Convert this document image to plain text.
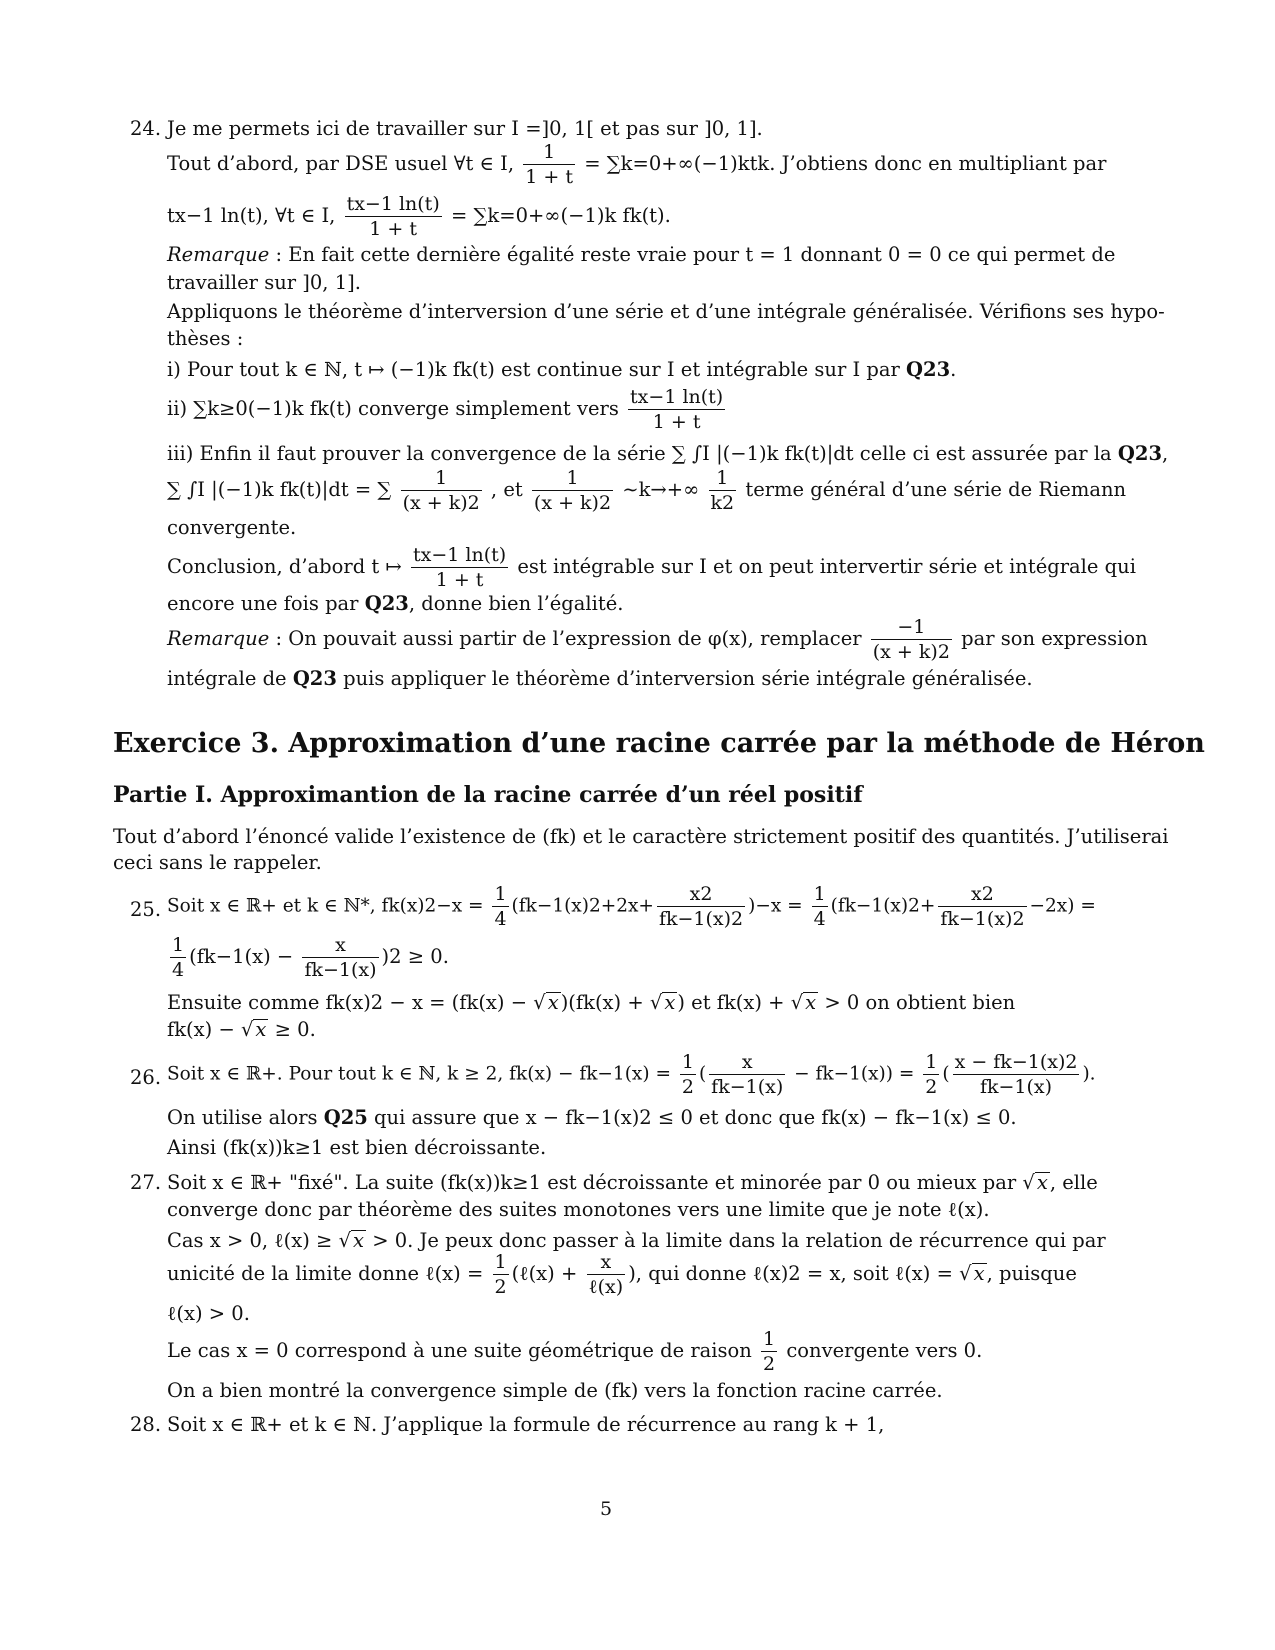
24. Je me permets ici de travailler sur I =]0, 1[ et pas sur ]0, 1].
Tout d’abord, par DSE usuel ∀t ∈ I, $\frac{1}{1 + t} = \sum k=0+\infty(-1)ktk$. J’obtiens donc en multipliant par
tx−1 ln(t), ∀t ∈ I, $\frac{tx-1 \ln(t)}{1 + t} = \sum k=0+\infty(-1)k$ fk(t).
Remarque : En fait cette dernière égalité reste vraie pour t = 1 donnant 0 = 0 ce qui permet de
travailler sur ]0, 1].
Appliquons le théorème d’interversion d’une série et d’une intégrale généralisée. Vérifions ses hypo-
thèses :
i) Pour tout k ∈ ℕ, t ↦ (−1)k fk(t) est continue sur I et intégrable sur I par Q23.
ii) ∑k≥0(−1)k fk(t) converge simplement vers $\frac{tx-1 \ln(t)}{1 + t}$
iii) Enfin il faut prouver la convergence de la série ∑ ∫I |(−1)k fk(t)|dt celle ci est assurée par la Q23,
∑ ∫I |(−1)k fk(t)|dt = ∑ $\frac{1}{(x + k)2}$ , et $\frac{1}{(x + k)2}$ ∼k→+∞ $\frac{1}{k2}$ terme général d’une série de Riemann
convergente.
Conclusion, d’abord t ↦ $\frac{tx-1 \ln(t)}{1 + t}$ est intégrable sur I et on peut intervertir série et intégrale qui
encore une fois par Q23, donne bien l’égalité.
Remarque : On pouvait aussi partir de l’expression de φ(x), remplacer $\frac{-1}{(x + k)2}$ par son expression
intégrale de Q23 puis appliquer le théorème d’interversion série intégrale généralisée.
Exercice 3. Approximation d’une racine carrée par la méthode de Héron
Partie I. Approximantion de la racine carrée d’un réel positif
Tout d’abord l’énoncé valide l’existence de (fk) et le caractère strictement positif des quantités. J’utiliserai
ceci sans le rappeler.
25. Soit x ∈ ℝ+ et k ∈ ℕ*, $fk(x)2-x = \frac{1}{4} (fk-1(x)2+2x+ \frac{x2}{fk-1(x)2} )-x = \frac{1}{4} (fk-1(x)2+ \frac{x2}{fk-1(x)2} -2x)$ =
$\frac{1}{4} (fk-1(x) - \frac{x}{fk-1(x)} )2 \ge 0$.
Ensuite comme fk(x)2 − x = (fk(x) − √ x )(fk(x) + √ x ) et fk(x) + √ x > 0 on obtient bien
fk(x) − √ x ≥ 0.
26. Soit x ∈ ℝ+. Pour tout k ∈ ℕ, k ≥ 2, $fk(x) - fk-1(x) = \frac{1}{2}$ ( $\frac{x}{fk-1(x)} - fk-1(x)) = \frac{1}{2}$ ( $\frac{x - fk-1(x)2}{fk-1(x)}$ ).
On utilise alors Q25 qui assure que x − fk−1(x)2 ≤ 0 et donc que fk(x) − fk−1(x) ≤ 0.
Ainsi (fk(x))k≥1 est bien décroissante.
27. Soit x ∈ ℝ+ "fixé". La suite (fk(x))k≥1 est décroissante et minorée par 0 ou mieux par √ x , elle
converge donc par théorème des suites monotones vers une limite que je note ℓ(x).
Cas x > 0, ℓ(x) ≥ √ x > 0. Je peux donc passer à la limite dans la relation de récurrence qui par
unicité de la limite donne ℓ(x) = $\frac{1}{2}$ (ℓ(x) +	x
ℓ(x)
), qui donne ℓ(x)2 = x, soit ℓ(x) = √ x , puisque
ℓ(x) > 0.
Le cas x = 0 correspond à une suite géométrique de raison $\frac{1}{2}$ convergente vers 0.
On a bien montré la convergence simple de (fk) vers la fonction racine carrée.
28. Soit x ∈ ℝ+ et k ∈ ℕ. J’applique la formule de récurrence au rang k + 1,
5
